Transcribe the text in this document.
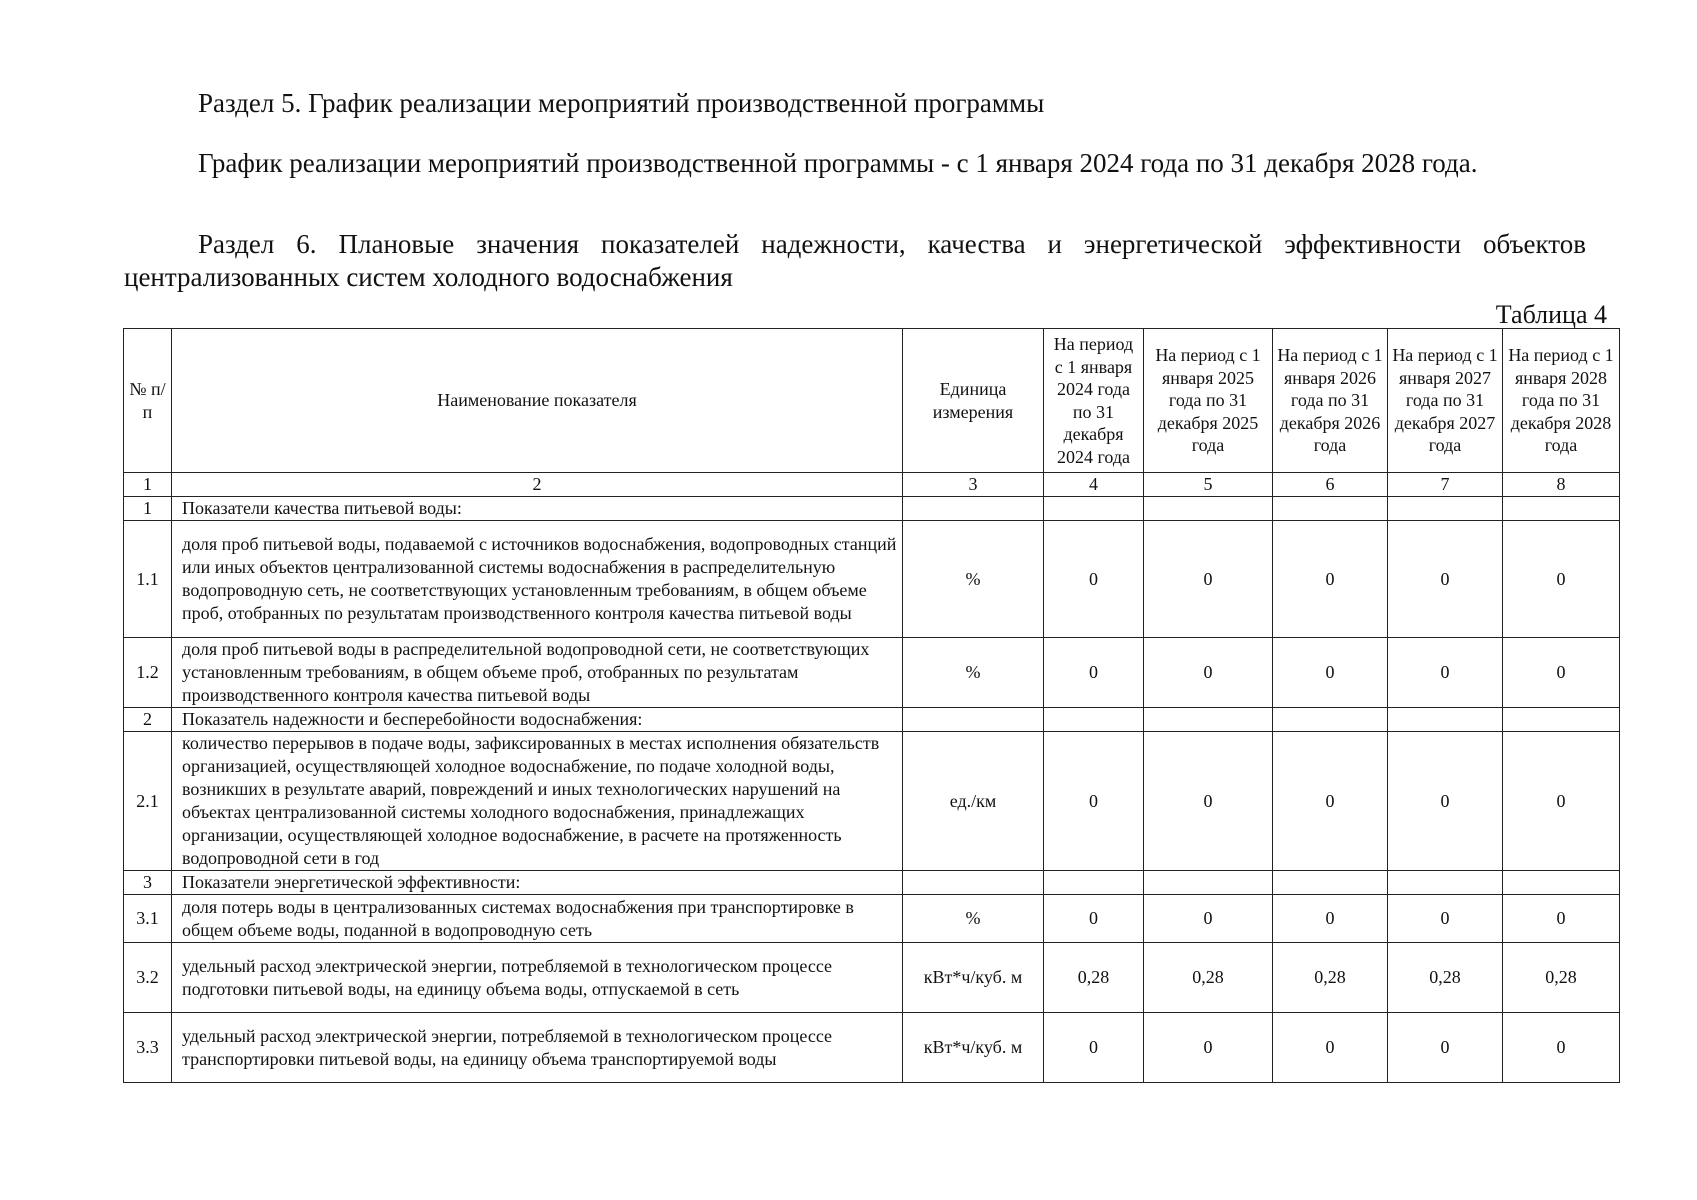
Раздел 5. График реализации мероприятий производственной программы
График реализации мероприятий производственной программы - с 1 января 2024 года по 31 декабря 2028 года.
Раздел 6. Плановые значения показателей надежности, качества и энергетической эффективности объектов централизованных систем холодного водоснабжения
Таблица 4
№ п/ п	Наименование показателя	Единица измерения	На период с 1 января 2024 года по 31 декабря 2024 года	На период с 1 января 2025 года по 31 декабря 2025 года	На период с 1 января 2026 года по 31 декабря 2026 года	На период с 1 января 2027 года по 31 декабря 2027 года	На период с 1 января 2028 года по 31 декабря 2028 года
1	2	3	4	5	6	7	8
1	Показатели качества питьевой воды:						
1.1	доля проб питьевой воды, подаваемой с источников водоснабжения, водопроводных станций или иных объектов централизованной системы водоснабжения в распределительную водопроводную сеть, не соответствующих установленным требованиям, в общем объеме проб, отобранных по результатам производственного контроля качества питьевой воды	%	0	0	0	0	0
1.2	доля проб питьевой воды в распределительной водопроводной сети, не соответствующих установленным требованиям, в общем объеме проб, отобранных по результатам производственного контроля качества питьевой воды	%	0	0	0	0	0
2	Показатель надежности и бесперебойности водоснабжения:						
2.1	количество перерывов в подаче воды, зафиксированных в местах исполнения обязательств организацией, осуществляющей холодное водоснабжение, по подаче холодной воды, возникших в результате аварий, повреждений и иных технологических нарушений на объектах централизованной системы холодного водоснабжения, принадлежащих организации, осуществляющей холодное водоснабжение, в расчете на протяженность водопроводной сети в год	ед./км	0	0	0	0	0
3	Показатели энергетической эффективности:						
3.1	доля потерь воды в централизованных системах водоснабжения при транспортировке в общем объеме воды, поданной в водопроводную сеть	%	0	0	0	0	0
3.2	удельный расход электрической энергии, потребляемой в технологическом процессе подготовки питьевой воды, на единицу объема воды, отпускаемой в сеть	кВт*ч/куб. м	0,28	0,28	0,28	0,28	0,28
3.3	удельный расход электрической энергии, потребляемой в технологическом процессе транспортировки питьевой воды, на единицу объема транспортируемой воды	кВт*ч/куб. м	0	0	0	0	0
